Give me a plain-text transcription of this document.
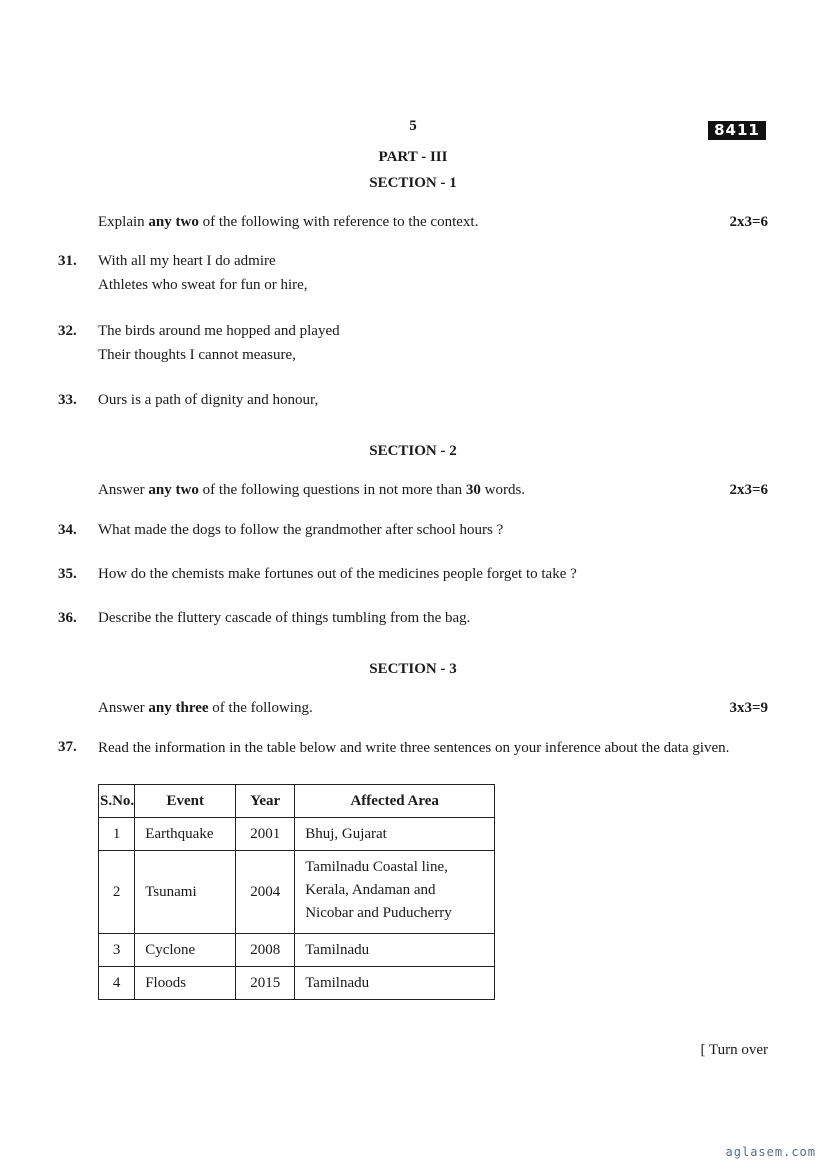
5	8411
PART - III
SECTION - 1
Explain any two of the following with reference to the context.	2x3=6
31. With all my heart I do admire
Athletes who sweat for fun or hire,
32. The birds around me hopped and played
Their thoughts I cannot measure,
33. Ours is a path of dignity and honour,
SECTION - 2
Answer any two of the following questions in not more than 30 words.	2x3=6
34. What made the dogs to follow the grandmother after school hours ?
35. How do the chemists make fortunes out of the medicines people forget to take ?
36. Describe the fluttery cascade of things tumbling from the bag.
SECTION - 3
Answer any three of the following.	3x3=9
37. Read the information in the table below and write three sentences on your inference about the data given.
S.No.	Event	Year	Affected Area
1	Earthquake	2001	Bhuj, Gujarat
2	Tsunami	2004	Tamilnadu Coastal line,
Kerala, Andaman and
Nicobar and Puducherry

3	Cyclone	2008	Tamilnadu
4	Floods	2015	Tamilnadu
[ Turn over
aglasem.com
